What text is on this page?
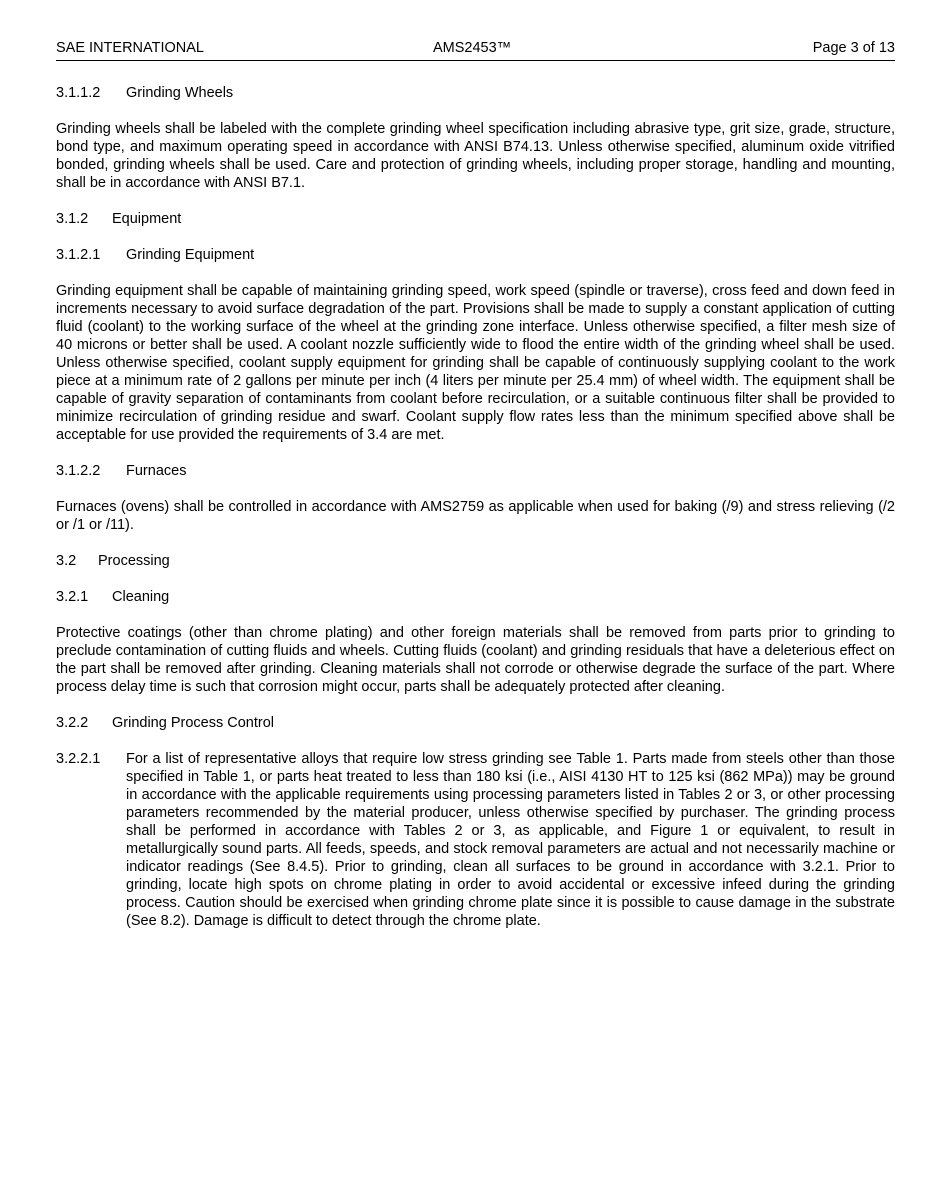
SAE INTERNATIONAL	AMS2453™	Page 3 of 13
3.1.1.2 Grinding Wheels

Grinding wheels shall be labeled with the complete grinding wheel specification including abrasive type, grit size, grade, structure, bond type, and maximum operating speed in accordance with ANSI B74.13. Unless otherwise specified, aluminum oxide vitrified bonded, grinding wheels shall be used. Care and protection of grinding wheels, including proper storage, handling and mounting, shall be in accordance with ANSI B7.1.

3.1.2 Equipment
3.1.2.1 Grinding Equipment

Grinding equipment shall be capable of maintaining grinding speed, work speed (spindle or traverse), cross feed and down feed in increments necessary to avoid surface degradation of the part. Provisions shall be made to supply a constant application of cutting fluid (coolant) to the working surface of the wheel at the grinding zone interface. Unless otherwise specified, a filter mesh size of 40 microns or better shall be used. A coolant nozzle sufficiently wide to flood the entire width of the grinding wheel shall be used. Unless otherwise specified, coolant supply equipment for grinding shall be capable of continuously supplying coolant to the work piece at a minimum rate of 2 gallons per minute per inch (4 liters per minute per 25.4 mm) of wheel width. The equipment shall be capable of gravity separation of contaminants from coolant before recirculation, or a suitable continuous filter shall be provided to minimize recirculation of grinding residue and swarf. Coolant supply flow rates less than the minimum specified above shall be acceptable for use provided the requirements of 3.4 are met.

3.1.2.2 Furnaces

Furnaces (ovens) shall be controlled in accordance with AMS2759 as applicable when used for baking (/9) and stress relieving (/2 or /1 or /11).

3.2 Processing
3.2.1 Cleaning

Protective coatings (other than chrome plating) and other foreign materials shall be removed from parts prior to grinding to preclude contamination of cutting fluids and wheels. Cutting fluids (coolant) and grinding residuals that have a deleterious effect on the part shall be removed after grinding. Cleaning materials shall not corrode or otherwise degrade the surface of the part. Where process delay time is such that corrosion might occur, parts shall be adequately protected after cleaning.

3.2.2 Grinding Process Control
3.2.2.1 For a list of representative alloys that require low stress grinding see Table 1. Parts made from steels other than those specified in Table 1, or parts heat treated to less than 180 ksi (i.e., AISI 4130 HT to 125 ksi (862 MPa)) may be ground in accordance with the applicable requirements using processing parameters listed in Tables 2 or 3, or other processing parameters recommended by the material producer, unless otherwise specified by purchaser. The grinding process shall be performed in accordance with Tables 2 or 3, as applicable, and Figure 1 or equivalent, to result in metallurgically sound parts. All feeds, speeds, and stock removal parameters are actual and not necessarily machine or indicator readings (See 8.4.5). Prior to grinding, clean all surfaces to be ground in accordance with 3.2.1. Prior to grinding, locate high spots on chrome plating in order to avoid accidental or excessive infeed during the grinding process. Caution should be exercised when grinding chrome plate since it is possible to cause damage in the substrate (See 8.2). Damage is difficult to detect through the chrome plate.
